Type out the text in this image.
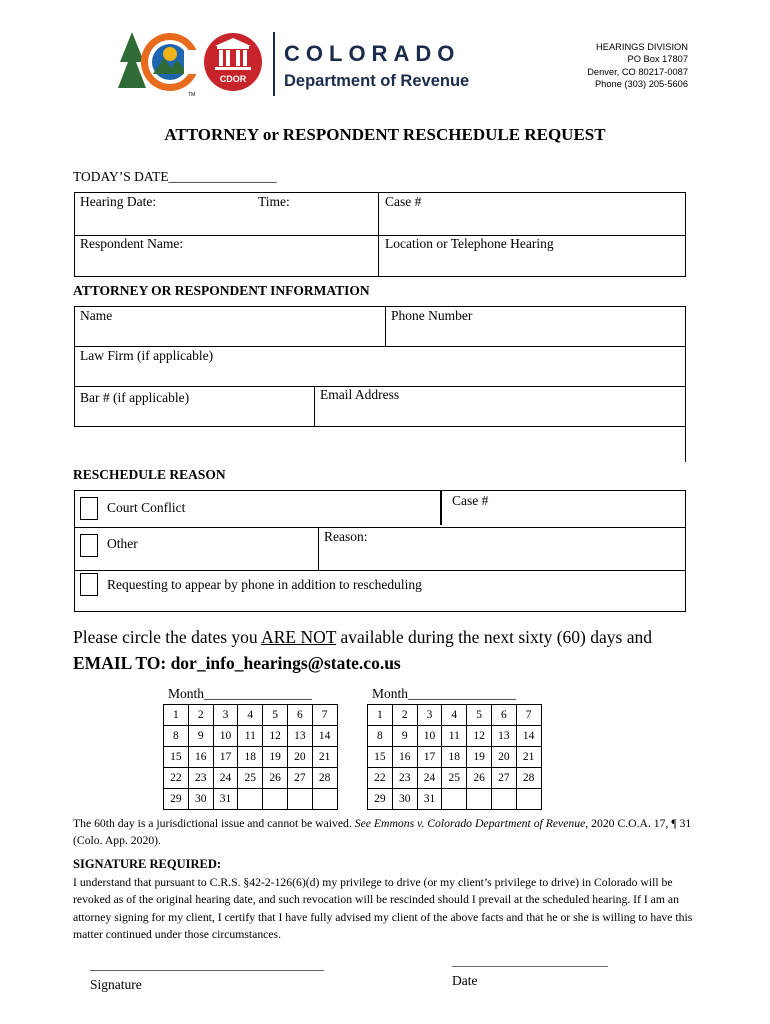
TM
CDOR
COLORADO
Department of Revenue
HEARINGS DIVISION
PO Box 17807
Denver, CO 80217-0087
Phone (303) 205-5606
ATTORNEY or RESPONDENT RESCHEDULE REQUEST
TODAY’S DATE________________
Hearing Date:	Time:	Case #
Respondent Name:	Location or Telephone Hearing
ATTORNEY OR RESPONDENT INFORMATION
Name	Phone Number
Law Firm (if applicable)
Bar # (if applicable)	Email Address
RESCHEDULE REASON
Court Conflict	Case #
Other	Reason:
Requesting to appear by phone in addition to rescheduling
Please circle the dates you ARE NOT available during the next sixty (60) days and
EMAIL TO: dor_info_hearings@state.co.us
Month________________	Month________________
1	2	3	4	5	6	7
8	9	10	11	12	13	14
15	16	17	18	19	20	21
22	23	24	25	26	27	28
29	30	31				
1	2	3	4	5	6	7
8	9	10	11	12	13	14
15	16	17	18	19	20	21
22	23	24	25	26	27	28
29	30	31				
The 60th day is a jurisdictional issue and cannot be waived. See Emmons v. Colorado Department of Revenue, 2020 C.O.A. 17, ¶ 31 (Colo. App. 2020).
SIGNATURE REQUIRED:
I understand that pursuant to C.R.S. §42-2-126(6)(d) my privilege to drive (or my client’s privilege to drive) in Colorado will be revoked as of the original hearing date, and such revocation will be rescinded should I prevail at the scheduled hearing. If I am an attorney signing for my client, I certify that I have fully advised my client of the above facts and that he or she is willing to have this matter continued under those circumstances.
_______________________________________
Signature
__________________________
Date
